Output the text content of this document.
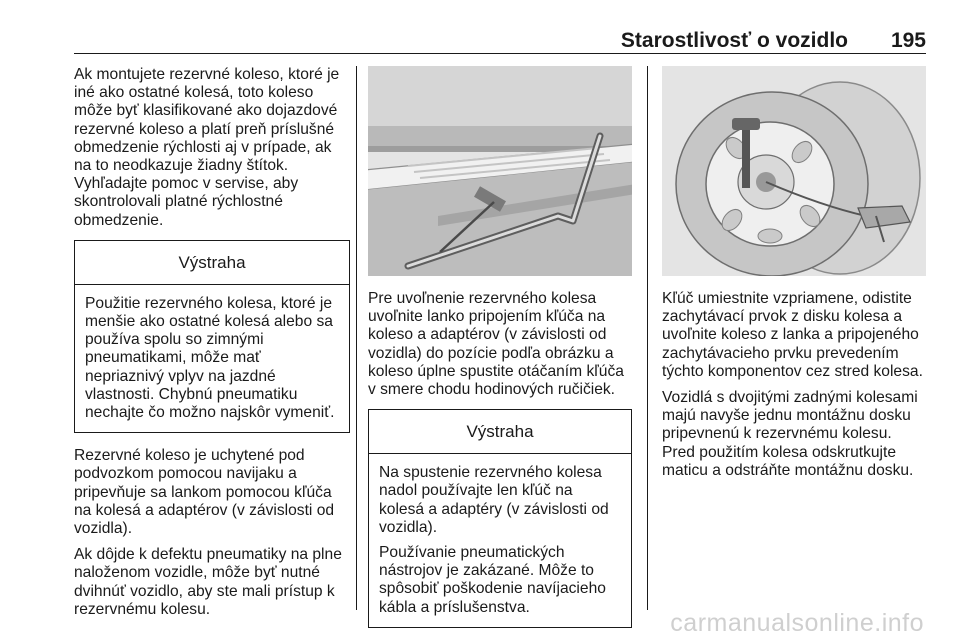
Starostlivosť o vozidlo 195

Ak montujete rezervné koleso, ktoré je iné ako ostatné kolesá, toto koleso môže byť klasifikované ako dojazdové rezervné koleso a platí preň príslušné obmedzenie rýchlosti aj v prípade, ak na to neodkazuje žiadny štítok. Vyhľadajte pomoc v servise, aby skontrolovali platné rýchlostné obmedzenie.

Výstraha

Použitie rezervného kolesa, ktoré je menšie ako ostatné kolesá alebo sa používa spolu so zimnými pneumatikami, môže mať nepriaznivý vplyv na jazdné vlastnosti. Chybnú pneumatiku nechajte čo možno najskôr vymeniť.

Rezervné koleso je uchytené pod podvozkom pomocou navijaku a pripevňuje sa lankom pomocou kľúča na kolesá a adaptérov (v závislosti od vozidla).

Ak dôjde k defektu pneumatiky na plne naloženom vozidle, môže byť nutné dvihnúť vozidlo, aby ste mali prístup k rezervnému kolesu.

Pre uvoľnenie rezervného kolesa uvoľnite lanko pripojením kľúča na koleso a adaptérov (v závislosti od vozidla) do pozície podľa obrázku a koleso úplne spustite otáčaním kľúča v smere chodu hodinových ručičiek.

Výstraha

Na spustenie rezervného kolesa nadol používajte len kľúč na kolesá a adaptéry (v závislosti od vozidla).

Používanie pneumatických nástrojov je zakázané. Môže to spôsobiť poškodenie navíjacieho kábla a príslušenstva.

Kľúč umiestnite vzpriamene, odistite zachytávací prvok z disku kolesa a uvoľnite koleso z lanka a pripojeného zachytávacieho prvku prevedením týchto komponentov cez stred kolesa.

Vozidlá s dvojitými zadnými kolesami majú navyše jednu montážnu dosku pripevnenú k rezervnému kolesu. Pred použitím kolesa odskrutkujte maticu a odstráňte montážnu dosku.

carmanualsonline.info
